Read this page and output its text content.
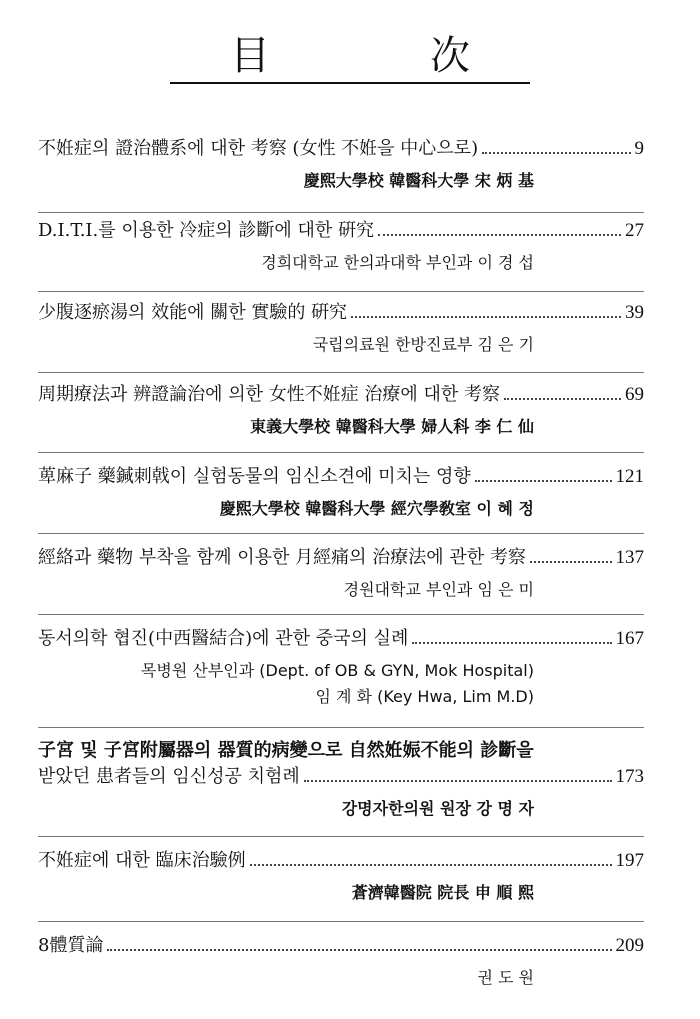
目　次
不姙症의 證治體系에 대한 考察 (女性 不姙을 中心으로)	9
慶熙大學校 韓醫科大學 宋 炳 基
D.I.T.I.를 이용한 冷症의 診斷에 대한 硏究	27
경희대학교 한의과대학 부인과 이 경 섭
少腹逐瘀湯의 效能에 關한 實驗的 硏究	39
국립의료원 한방진료부 김 은 기
周期療法과 辨證論治에 의한 女性不姙症 治療에 대한 考察	69
東義大學校 韓醫科大學 婦人科 李 仁 仙
萆麻子 藥鍼刺戟이 실험동물의 임신소견에 미치는 영향	121
慶熙大學校 韓醫科大學 經穴學敎室 이 혜 정
經絡과 藥物 부착을 함께 이용한 月經痛의 治療法에 관한 考察	137
경원대학교 부인과 임 은 미
동서의학 협진(中西醫結合)에 관한 중국의 실례	167
목병원 산부인과 (Dept. of OB & GYN, Mok Hospital)
임 계 화 (Key Hwa, Lim M.D)
子宮 및 子宮附屬器의 器質的病變으로 自然姙娠不能의 診斷을
받았던 患者들의 임신성공 치험례	173
강명자한의원 원장 강 명 자
不姙症에 대한 臨床治驗例	197
蒼濟韓醫院 院長 申 順 熙
8體質論	209
권 도 원
